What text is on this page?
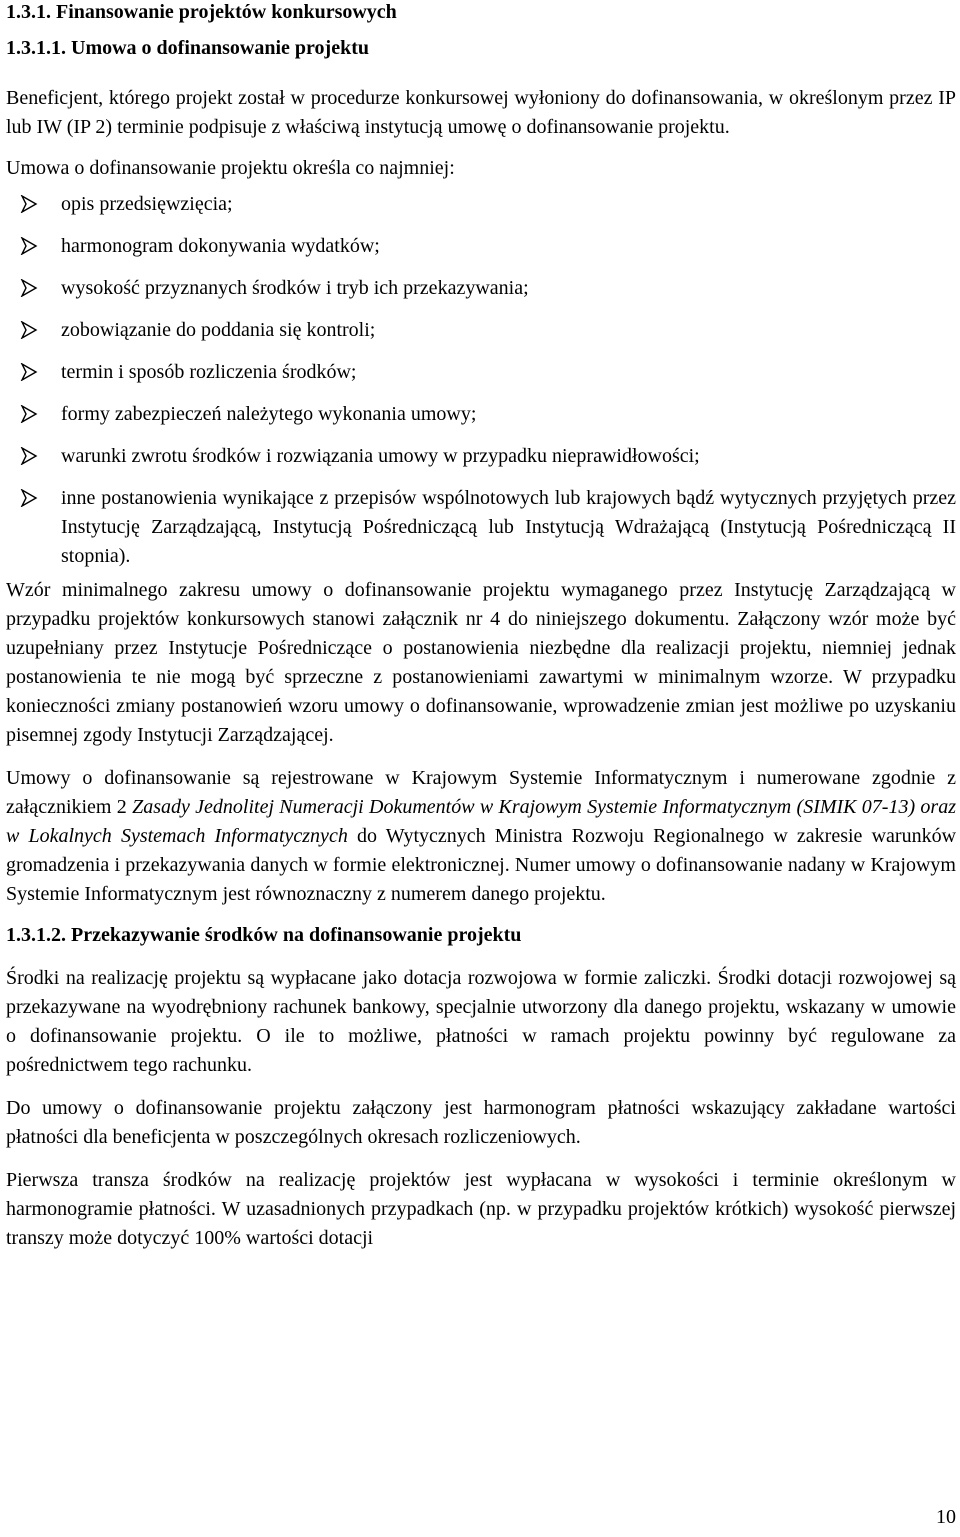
1.3.1. Finansowanie projektów konkursowych

1.3.1.1. Umowa o dofinansowanie projektu

Beneficjent, którego projekt został w procedurze konkursowej wyłoniony do dofinansowania, w określonym przez IP lub IW (IP 2) terminie podpisuje z właściwą instytucją umowę o dofinansowanie projektu.

Umowa o dofinansowanie projektu określa co najmniej:

opis przedsięwzięcia;
harmonogram dokonywania wydatków;
wysokość przyznanych środków i tryb ich przekazywania;
zobowiązanie do poddania się kontroli;
termin i sposób rozliczenia środków;
formy zabezpieczeń należytego wykonania umowy;
warunki zwrotu środków i rozwiązania umowy w przypadku nieprawidłowości;
inne postanowienia wynikające z przepisów wspólnotowych lub krajowych bądź wytycznych przyjętych przez Instytucję Zarządzającą, Instytucją Pośredniczącą lub Instytucją Wdrażającą (Instytucją Pośredniczącą II stopnia).

Wzór minimalnego zakresu umowy o dofinansowanie projektu wymaganego przez Instytucję Zarządzającą w przypadku projektów konkursowych stanowi załącznik nr 4 do niniejszego dokumentu. Załączony wzór może być uzupełniany przez Instytucje Pośredniczące o postanowienia niezbędne dla realizacji projektu, niemniej jednak postanowienia te nie mogą być sprzeczne z postanowieniami zawartymi w minimalnym wzorze. W przypadku konieczności zmiany postanowień wzoru umowy o dofinansowanie, wprowadzenie zmian jest możliwe po uzyskaniu pisemnej zgody Instytucji Zarządzającej.

Umowy o dofinansowanie są rejestrowane w Krajowym Systemie Informatycznym i numerowane zgodnie z załącznikiem 2 Zasady Jednolitej Numeracji Dokumentów w Krajowym Systemie Informatycznym (SIMIK 07-13) oraz w Lokalnych Systemach Informatycznych do Wytycznych Ministra Rozwoju Regionalnego w zakresie warunków gromadzenia i przekazywania danych w formie elektronicznej. Numer umowy o dofinansowanie nadany w Krajowym Systemie Informatycznym jest równoznaczny z numerem danego projektu.

1.3.1.2. Przekazywanie środków na dofinansowanie projektu

Środki na realizację projektu są wypłacane jako dotacja rozwojowa w formie zaliczki. Środki dotacji rozwojowej są przekazywane na wyodrębniony rachunek bankowy, specjalnie utworzony dla danego projektu, wskazany w umowie o dofinansowanie projektu. O ile to możliwe, płatności w ramach projektu powinny być regulowane za pośrednictwem tego rachunku.

Do umowy o dofinansowanie projektu załączony jest harmonogram płatności wskazujący zakładane wartości płatności dla beneficjenta w poszczególnych okresach rozliczeniowych.

Pierwsza transza środków na realizację projektów jest wypłacana w wysokości i terminie określonym w harmonogramie płatności. W uzasadnionych przypadkach (np. w przypadku projektów krótkich) wysokość pierwszej transzy może dotyczyć 100% wartości dotacji

10
